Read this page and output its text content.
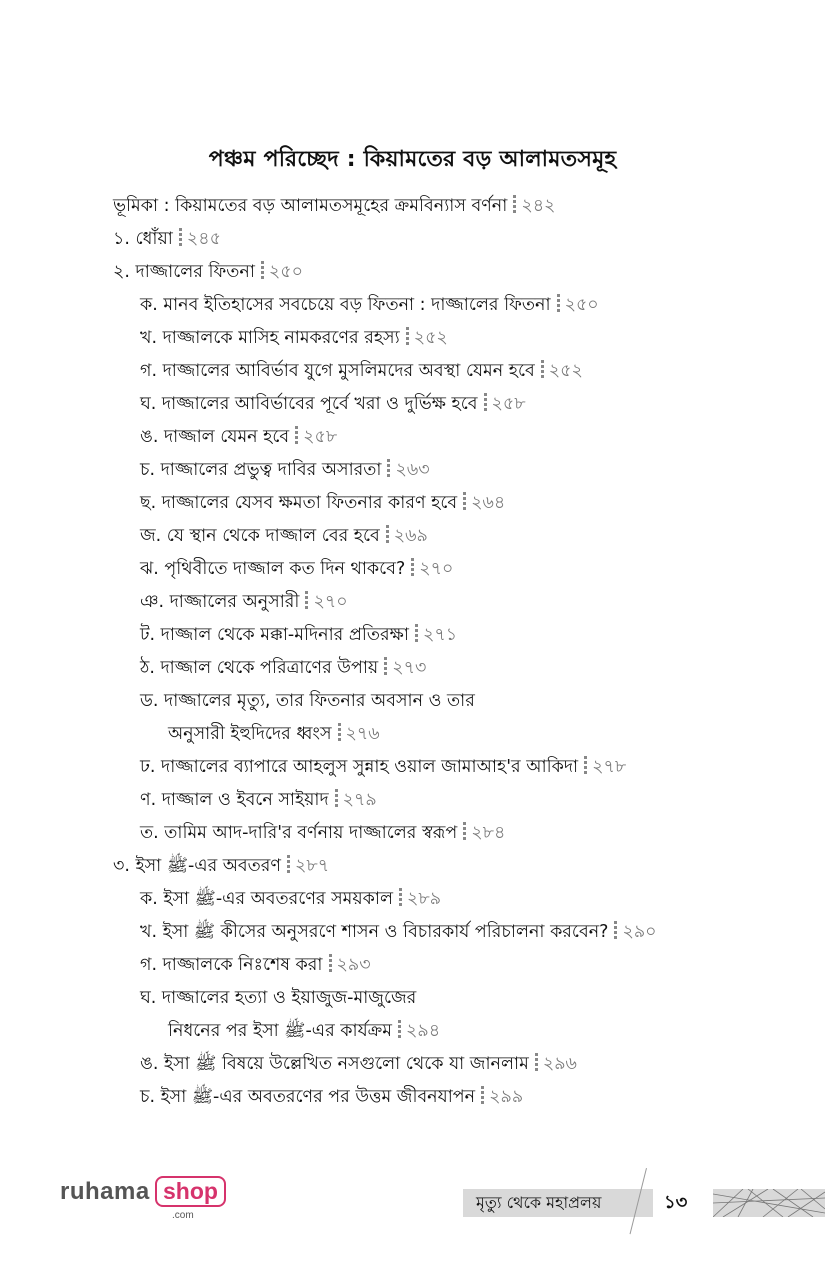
পঞ্চম পরিচ্ছেদ : কিয়ামতের বড় আলামতসমূহ
ভূমিকা : কিয়ামতের বড় আলামতসমূহের ক্রমবিন্যাস বর্ণনা ২৪২
১. ধোঁয়া ২৪৫
২. দাজ্জালের ফিতনা ২৫০
ক. মানব ইতিহাসের সবচেয়ে বড় ফিতনা : দাজ্জালের ফিতনা ২৫০
খ. দাজ্জালকে মাসিহ নামকরণের রহস্য ২৫২
গ. দাজ্জালের আবির্ভাব যুগে মুসলিমদের অবস্থা যেমন হবে ২৫২
ঘ. দাজ্জালের আবির্ভাবের পূর্বে খরা ও দুর্ভিক্ষ হবে ২৫৮
ঙ. দাজ্জাল যেমন হবে ২৫৮
চ. দাজ্জালের প্রভুত্ব দাবির অসারতা ২৬৩
ছ. দাজ্জালের যেসব ক্ষমতা ফিতনার কারণ হবে ২৬৪
জ. যে স্থান থেকে দাজ্জাল বের হবে ২৬৯
ঝ. পৃথিবীতে দাজ্জাল কত দিন থাকবে? ২৭০
ঞ. দাজ্জালের অনুসারী ২৭০
ট. দাজ্জাল থেকে মক্কা-মদিনার প্রতিরক্ষা ২৭১
ঠ. দাজ্জাল থেকে পরিত্রাণের উপায় ২৭৩
ড. দাজ্জালের মৃত্যু, তার ফিতনার অবসান ও তার
অনুসারী ইহুদিদের ধ্বংস ২৭৬
ঢ. দাজ্জালের ব্যাপারে আহলুস সুন্নাহ ওয়াল জামাআহ'র আকিদা ২৭৮
ণ. দাজ্জাল ও ইবনে সাইয়াদ ২৭৯
ত. তামিম আদ-দারি'র বর্ণনায় দাজ্জালের স্বরূপ ২৮৪
৩. ইসা ﷺ-এর অবতরণ ২৮৭
ক. ইসা ﷺ-এর অবতরণের সময়কাল ২৮৯
খ. ইসা ﷺ কীসের অনুসরণে শাসন ও বিচারকার্য পরিচালনা করবেন? ২৯০
গ. দাজ্জালকে নিঃশেষ করা ২৯৩
ঘ. দাজ্জালের হত্যা ও ইয়াজুজ-মাজুজের
নিধনের পর ইসা ﷺ-এর কার্যক্রম ২৯৪
ঙ. ইসা ﷺ বিষয়ে উল্লেখিত নসগুলো থেকে যা জানলাম ২৯৬
চ. ইসা ﷺ-এর অবতরণের পর উত্তম জীবনযাপন ২৯৯
ruhama shop
.com
মৃত্যু থেকে মহাপ্রলয়	১৩
